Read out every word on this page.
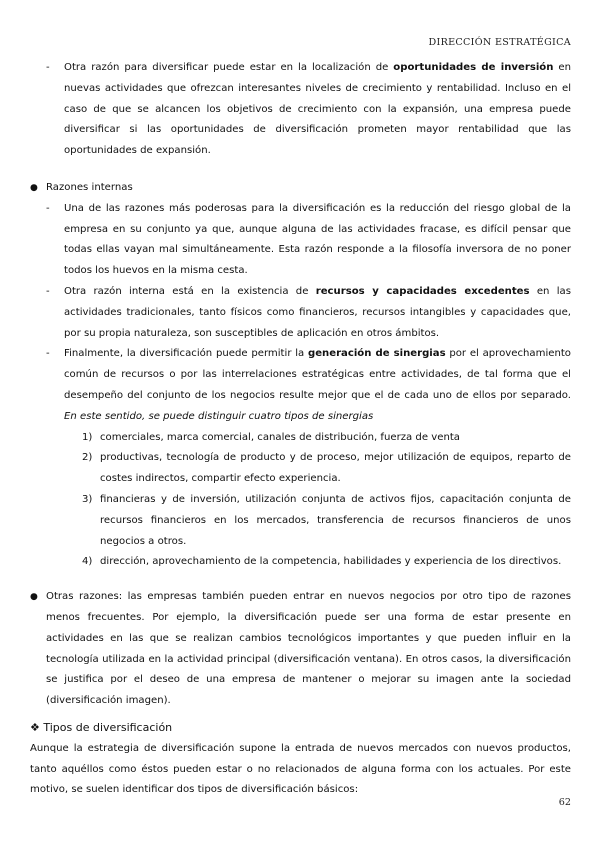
DIRECCIÓN ESTRATÉGICA
- Otra razón para diversificar puede estar en la localización de oportunidades de inversión en nuevas actividades que ofrezcan interesantes niveles de crecimiento y rentabilidad. Incluso en el caso de que se alcancen los objetivos de crecimiento con la expansión, una empresa puede diversificar si las oportunidades de diversificación prometen mayor rentabilidad que las oportunidades de expansión.

● Razones internas

- Una de las razones más poderosas para la diversificación es la reducción del riesgo global de la empresa en su conjunto ya que, aunque alguna de las actividades fracase, es difícil pensar que todas ellas vayan mal simultáneamente. Esta razón responde a la filosofía inversora de no poner todos los huevos en la misma cesta.

- Otra razón interna está en la existencia de recursos y capacidades excedentes en las actividades tradicionales, tanto físicos como financieros, recursos intangibles y capacidades que, por su propia naturaleza, son susceptibles de aplicación en otros ámbitos.

- Finalmente, la diversificación puede permitir la generación de sinergias por el aprovechamiento común de recursos o por las interrelaciones estratégicas entre actividades, de tal forma que el desempeño del conjunto de los negocios resulte mejor que el de cada uno de ellos por separado. En este sentido, se puede distinguir cuatro tipos de sinergias

1) comerciales, marca comercial, canales de distribución, fuerza de venta

2) productivas, tecnología de producto y de proceso, mejor utilización de equipos, reparto de costes indirectos, compartir efecto experiencia.

3) financieras y de inversión, utilización conjunta de activos fijos, capacitación conjunta de recursos financieros en los mercados, transferencia de recursos financieros de unos negocios a otros.

4) dirección, aprovechamiento de la competencia, habilidades y experiencia de los directivos.

● Otras razones: las empresas también pueden entrar en nuevos negocios por otro tipo de razones menos frecuentes. Por ejemplo, la diversificación puede ser una forma de estar presente en actividades en las que se realizan cambios tecnológicos importantes y que pueden influir en la tecnología utilizada en la actividad principal (diversificación ventana). En otros casos, la diversificación se justifica por el deseo de una empresa de mantener o mejorar su imagen ante la sociedad (diversificación imagen).

❖ Tipos de diversificación

Aunque la estrategia de diversificación supone la entrada de nuevos mercados con nuevos productos, tanto aquéllos como éstos pueden estar o no relacionados de alguna forma con los actuales. Por este motivo, se suelen identificar dos tipos de diversificación básicos:

62
